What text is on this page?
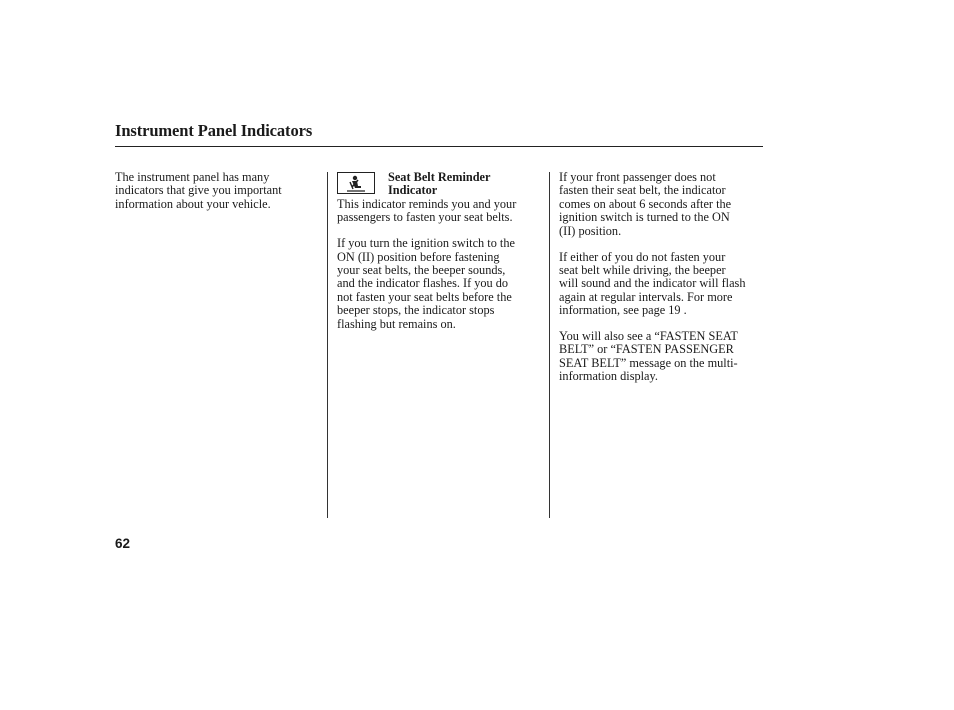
Instrument Panel Indicators

The instrument panel has many
indicators that give you important
information about your vehicle.

Seat Belt Reminder
Indicator

This indicator reminds you and your
passengers to fasten your seat belts.

If you turn the ignition switch to the
ON (II) position before fastening
your seat belts, the beeper sounds,
and the indicator flashes. If you do
not fasten your seat belts before the
beeper stops, the indicator stops
flashing but remains on.

If your front passenger does not
fasten their seat belt, the indicator
comes on about 6 seconds after the
ignition switch is turned to the ON
(II) position.

If either of you do not fasten your
seat belt while driving, the beeper
will sound and the indicator will flash
again at regular intervals. For more
information, see page 19 .

You will also see a “FASTEN SEAT
BELT” or “FASTEN PASSENGER
SEAT BELT” message on the multi-
information display.

62
